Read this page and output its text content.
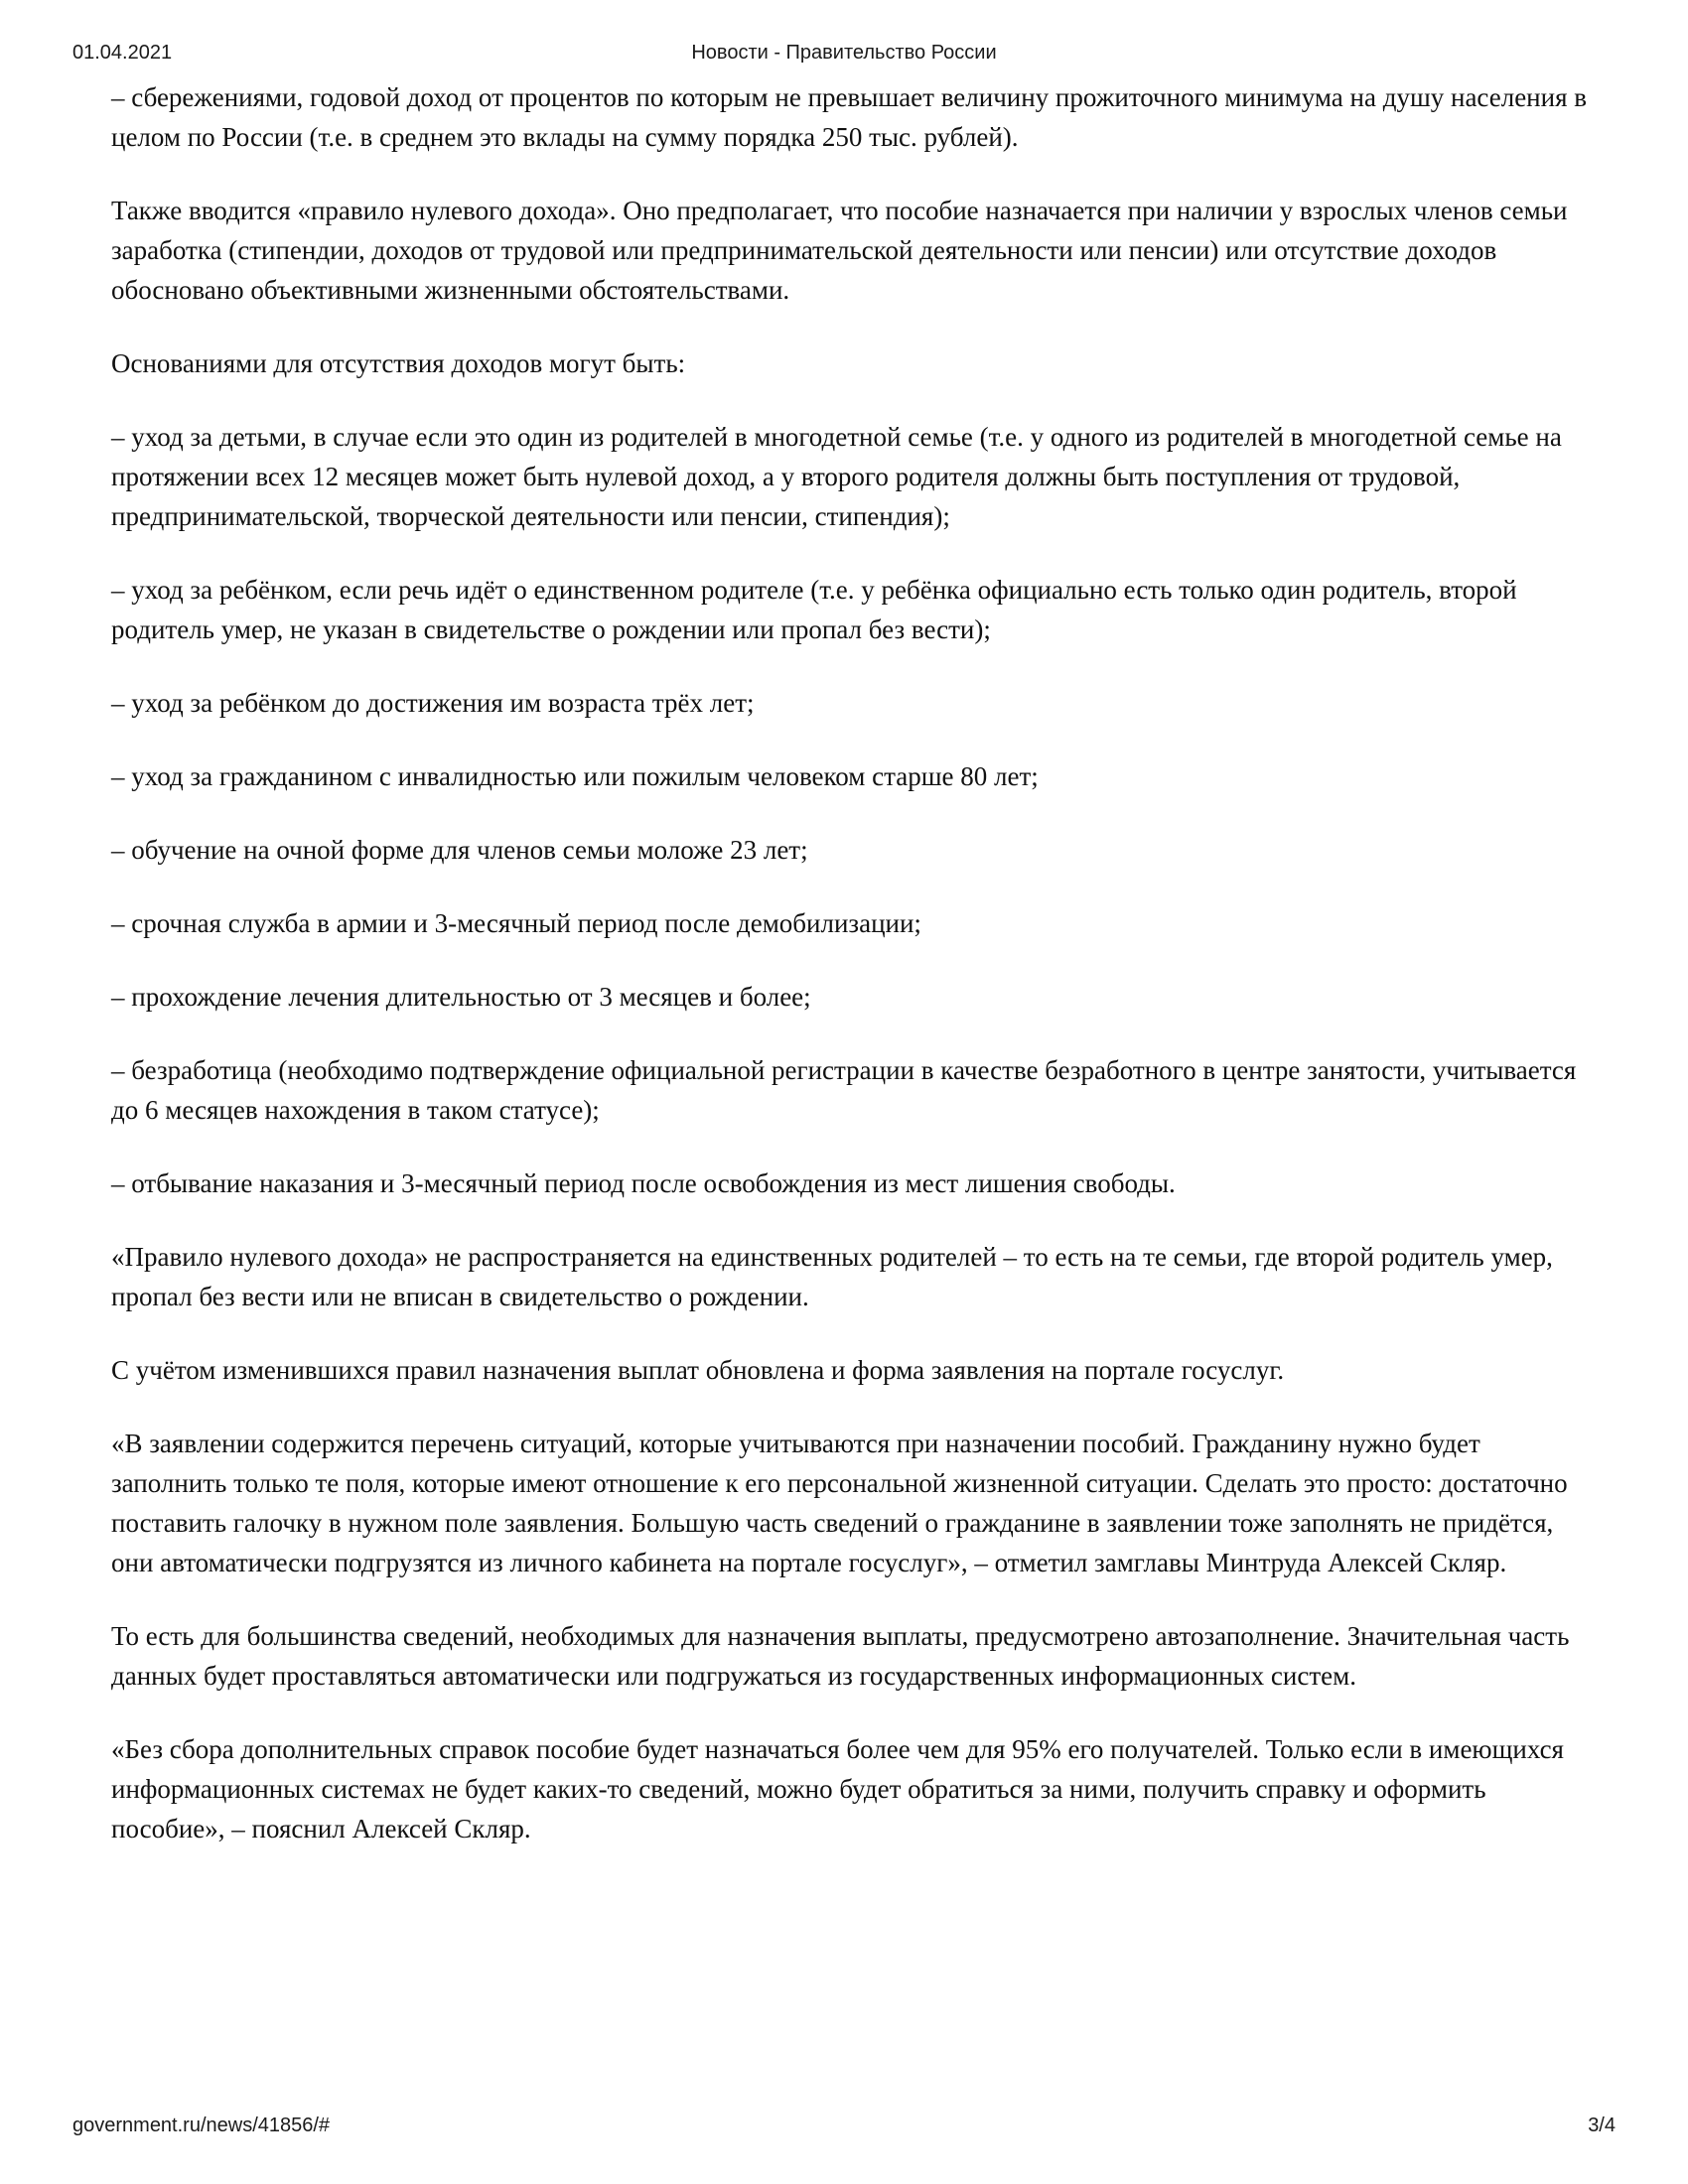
01.04.2021	Новости - Правительство России

– сбережениями, годовой доход от процентов по которым не превышает величину прожиточного минимума на душу населения в целом по России (т.е. в среднем это вклады на сумму порядка 250 тыс. рублей).

Также вводится «правило нулевого дохода». Оно предполагает, что пособие назначается при наличии у взрослых членов семьи заработка (стипендии, доходов от трудовой или предпринимательской деятельности или пенсии) или отсутствие доходов обосновано объективными жизненными обстоятельствами.

Основаниями для отсутствия доходов могут быть:

– уход за детьми, в случае если это один из родителей в многодетной семье (т.е. у одного из родителей в многодетной семье на протяжении всех 12 месяцев может быть нулевой доход, а у второго родителя должны быть поступления от трудовой, предпринимательской, творческой деятельности или пенсии, стипендия);

– уход за ребёнком, если речь идёт о единственном родителе (т.е. у ребёнка официально есть только один родитель, второй родитель умер, не указан в свидетельстве о рождении или пропал без вести);

– уход за ребёнком до достижения им возраста трёх лет;

– уход за гражданином с инвалидностью или пожилым человеком старше 80 лет;

– обучение на очной форме для членов семьи моложе 23 лет;

– срочная служба в армии и 3-месячный период после демобилизации;

– прохождение лечения длительностью от 3 месяцев и более;

– безработица (необходимо подтверждение официальной регистрации в качестве безработного в центре занятости, учитывается до 6 месяцев нахождения в таком статусе);

– отбывание наказания и 3-месячный период после освобождения из мест лишения свободы.

«Правило нулевого дохода» не распространяется на единственных родителей – то есть на те семьи, где второй родитель умер, пропал без вести или не вписан в свидетельство о рождении.

С учётом изменившихся правил назначения выплат обновлена и форма заявления на портале госуслуг.

«В заявлении содержится перечень ситуаций, которые учитываются при назначении пособий. Гражданину нужно будет заполнить только те поля, которые имеют отношение к его персональной жизненной ситуации. Сделать это просто: достаточно поставить галочку в нужном поле заявления. Большую часть сведений о гражданине в заявлении тоже заполнять не придётся, они автоматически подгрузятся из личного кабинета на портале госуслуг», – отметил замглавы Минтруда Алексей Скляр.

То есть для большинства сведений, необходимых для назначения выплаты, предусмотрено автозаполнение. Значительная часть данных будет проставляться автоматически или подгружаться из государственных информационных систем.

«Без сбора дополнительных справок пособие будет назначаться более чем для 95% его получателей. Только если в имеющихся информационных системах не будет каких-то сведений, можно будет обратиться за ними, получить справку и оформить пособие», – пояснил Алексей Скляр.

government.ru/news/41856/#	3/4
